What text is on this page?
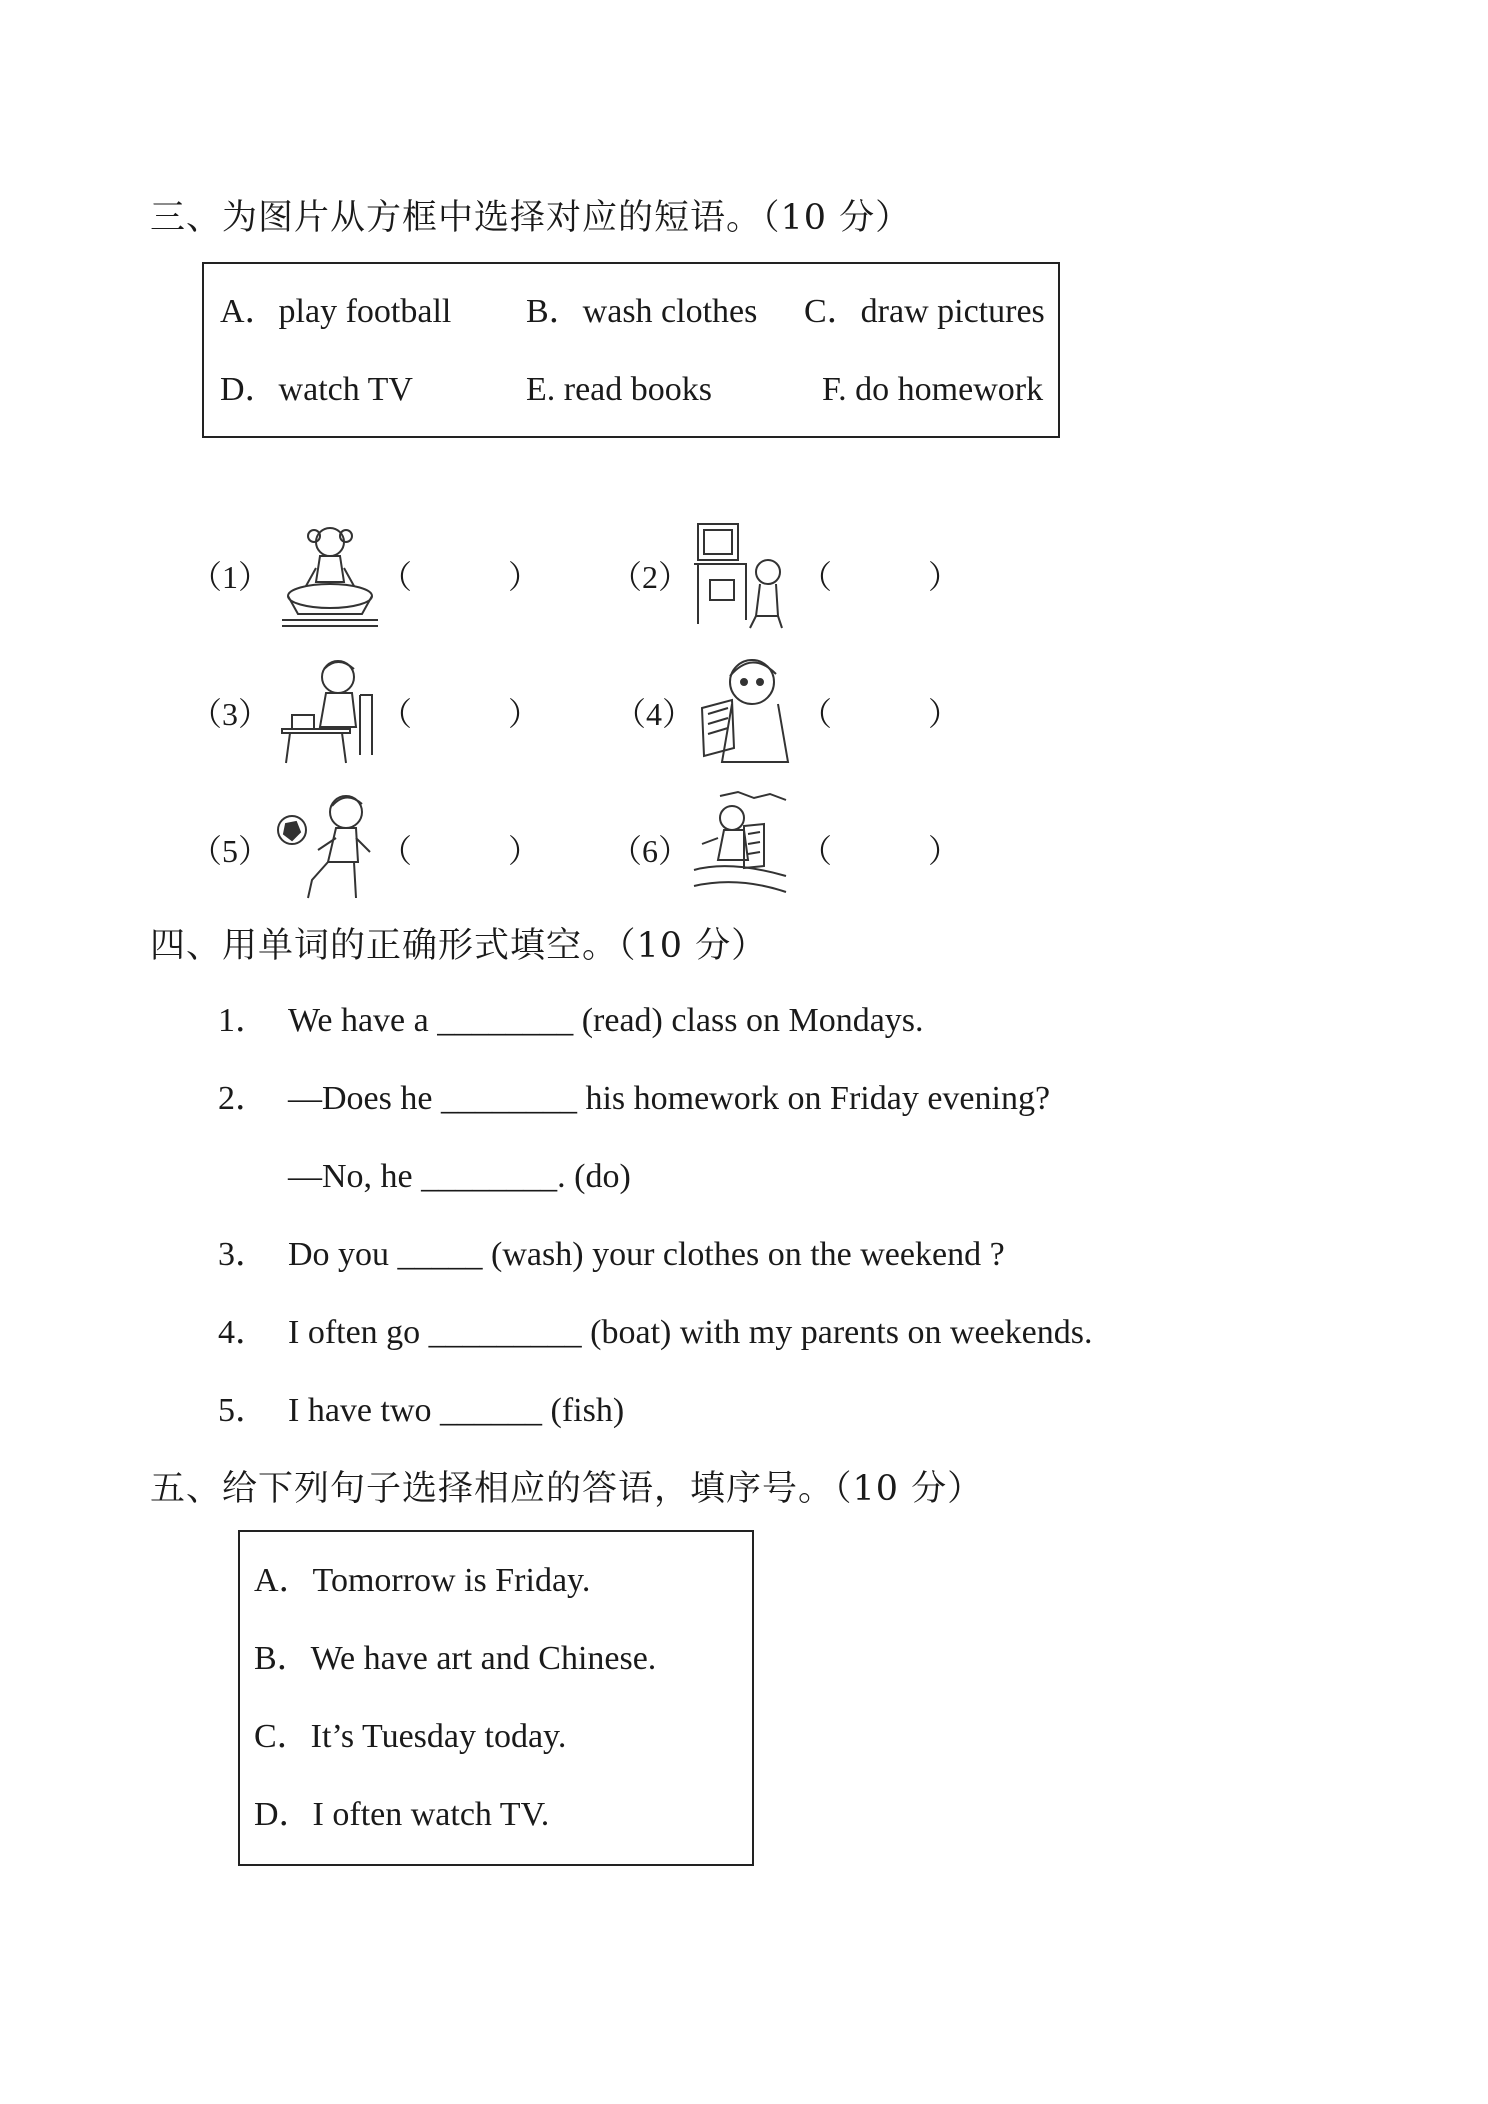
三、为图片从方框中选择对应的短语。（10 分）
A．play football B．wash clothes C．draw pictures
D．watch TV	E. read books	F. do homework
（1）	（　　　） （2）	（　　　）
（3）	（　　　） （4）	（　　　）
（5）	（　　　） （6）	（　　　）
四、用单词的正确形式填空。（10 分）
1． We have a ________ (read) class on Mondays.
2． —Does he ________ his homework on Friday evening?
—No, he ________. (do)
3． Do you _____ (wash) your clothes on the weekend ?
4． I often go _________ (boat) with my parents on weekends.
5． I have two ______ (fish)
五、给下列句子选择相应的答语，填序号。（10 分）
A．Tomorrow is Friday.
B．We have art and Chinese.
C．It’s Tuesday today.
D．I often watch TV.
